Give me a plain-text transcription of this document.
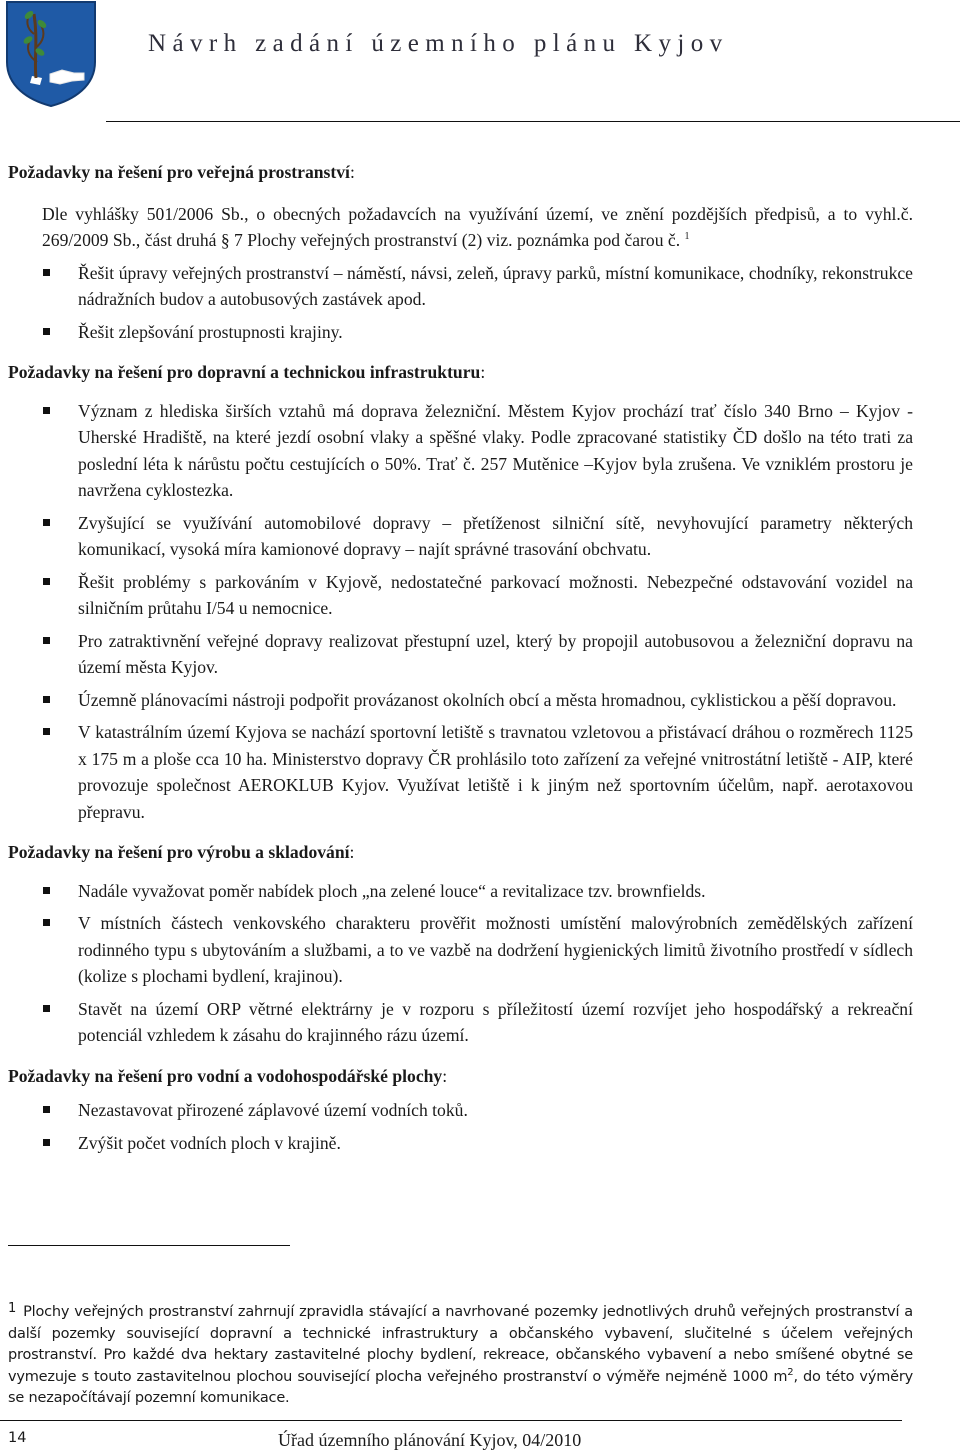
Návrh zadání územního plánu Kyjov

Požadavky na řešení pro veřejná prostranství:

Dle vyhlášky 501/2006 Sb., o obecných požadavcích na využívání území, ve znění pozdějších předpisů, a to vyhl.č. 269/2009 Sb., část druhá § 7 Plochy veřejných prostranství (2) viz. poznámka pod čarou č. $^1$

Řešit úpravy veřejných prostranství – náměstí, návsi, zeleň, úpravy parků, místní komunikace, chodníky, rekonstrukce nádražních budov a autobusových zastávek apod.
Řešit zlepšování prostupnosti krajiny.

Požadavky na řešení pro dopravní a technickou infrastrukturu:

Význam z hlediska širších vztahů má doprava železniční. Městem Kyjov prochází trať číslo 340 Brno – Kyjov - Uherské Hradiště, na které jezdí osobní vlaky a spěšné vlaky. Podle zpracované statistiky ČD došlo na této trati za poslední léta k nárůstu počtu cestujících o 50%. Trať č. 257 Mutěnice –Kyjov byla zrušena. Ve vzniklém prostoru je navržena cyklostezka.
Zvyšující se využívání automobilové dopravy – přetíženost silniční sítě, nevyhovující parametry některých komunikací, vysoká míra kamionové dopravy – najít správné trasování obchvatu.
Řešit problémy s parkováním v Kyjově, nedostatečné parkovací možnosti. Nebezpečné odstavování vozidel na silničním průtahu I/54 u nemocnice.
Pro zatraktivnění veřejné dopravy realizovat přestupní uzel, který by propojil autobusovou a železniční dopravu na území města Kyjov.
Územně plánovacími nástroji podpořit provázanost okolních obcí a města hromadnou, cyklistickou a pěší dopravou.
V katastrálním území Kyjova se nachází sportovní letiště s travnatou vzletovou a přistávací dráhou o rozměrech 1125 x 175 m a ploše cca 10 ha. Ministerstvo dopravy ČR prohlásilo toto zařízení za veřejné vnitrostátní letiště - AIP, které provozuje společnost AEROKLUB Kyjov. Využívat letiště i k jiným než sportovním účelům, např. aerotaxovou přepravu.

Požadavky na řešení pro výrobu a skladování:

Nadále vyvažovat poměr nabídek ploch „na zelené louce“ a revitalizace tzv. brownfields.
V místních částech venkovského charakteru prověřit možnosti umístění malovýrobních zemědělských zařízení rodinného typu s ubytováním a službami, a to ve vazbě na dodržení hygienických limitů životního prostředí v sídlech (kolize s plochami bydlení, krajinou).
Stavět na území ORP větrné elektrárny je v rozporu s příležitostí území rozvíjet jeho hospodářský a rekreační potenciál vzhledem k zásahu do krajinného rázu území.

Požadavky na řešení pro vodní a vodohospodářské plochy:

Nezastavovat přirozené záplavové území vodních toků.
Zvýšit počet vodních ploch v krajině.
1 Plochy veřejných prostranství zahrnují zpravidla stávající a navrhované pozemky jednotlivých druhů veřejných prostranství a další pozemky související dopravní a technické infrastruktury a občanského vybavení, slučitelné s účelem veřejných prostranství. Pro každé dva hektary zastavitelné plochy bydlení, rekreace, občanského vybavení a nebo smíšené obytné se vymezuje s touto zastavitelnou plochou související plocha veřejného prostranství o výměře nejméně 1000 $m^2$, do této výměry se nezapočítávají pozemní komunikace.
14	Úřad územního plánování Kyjov, 04/2010
